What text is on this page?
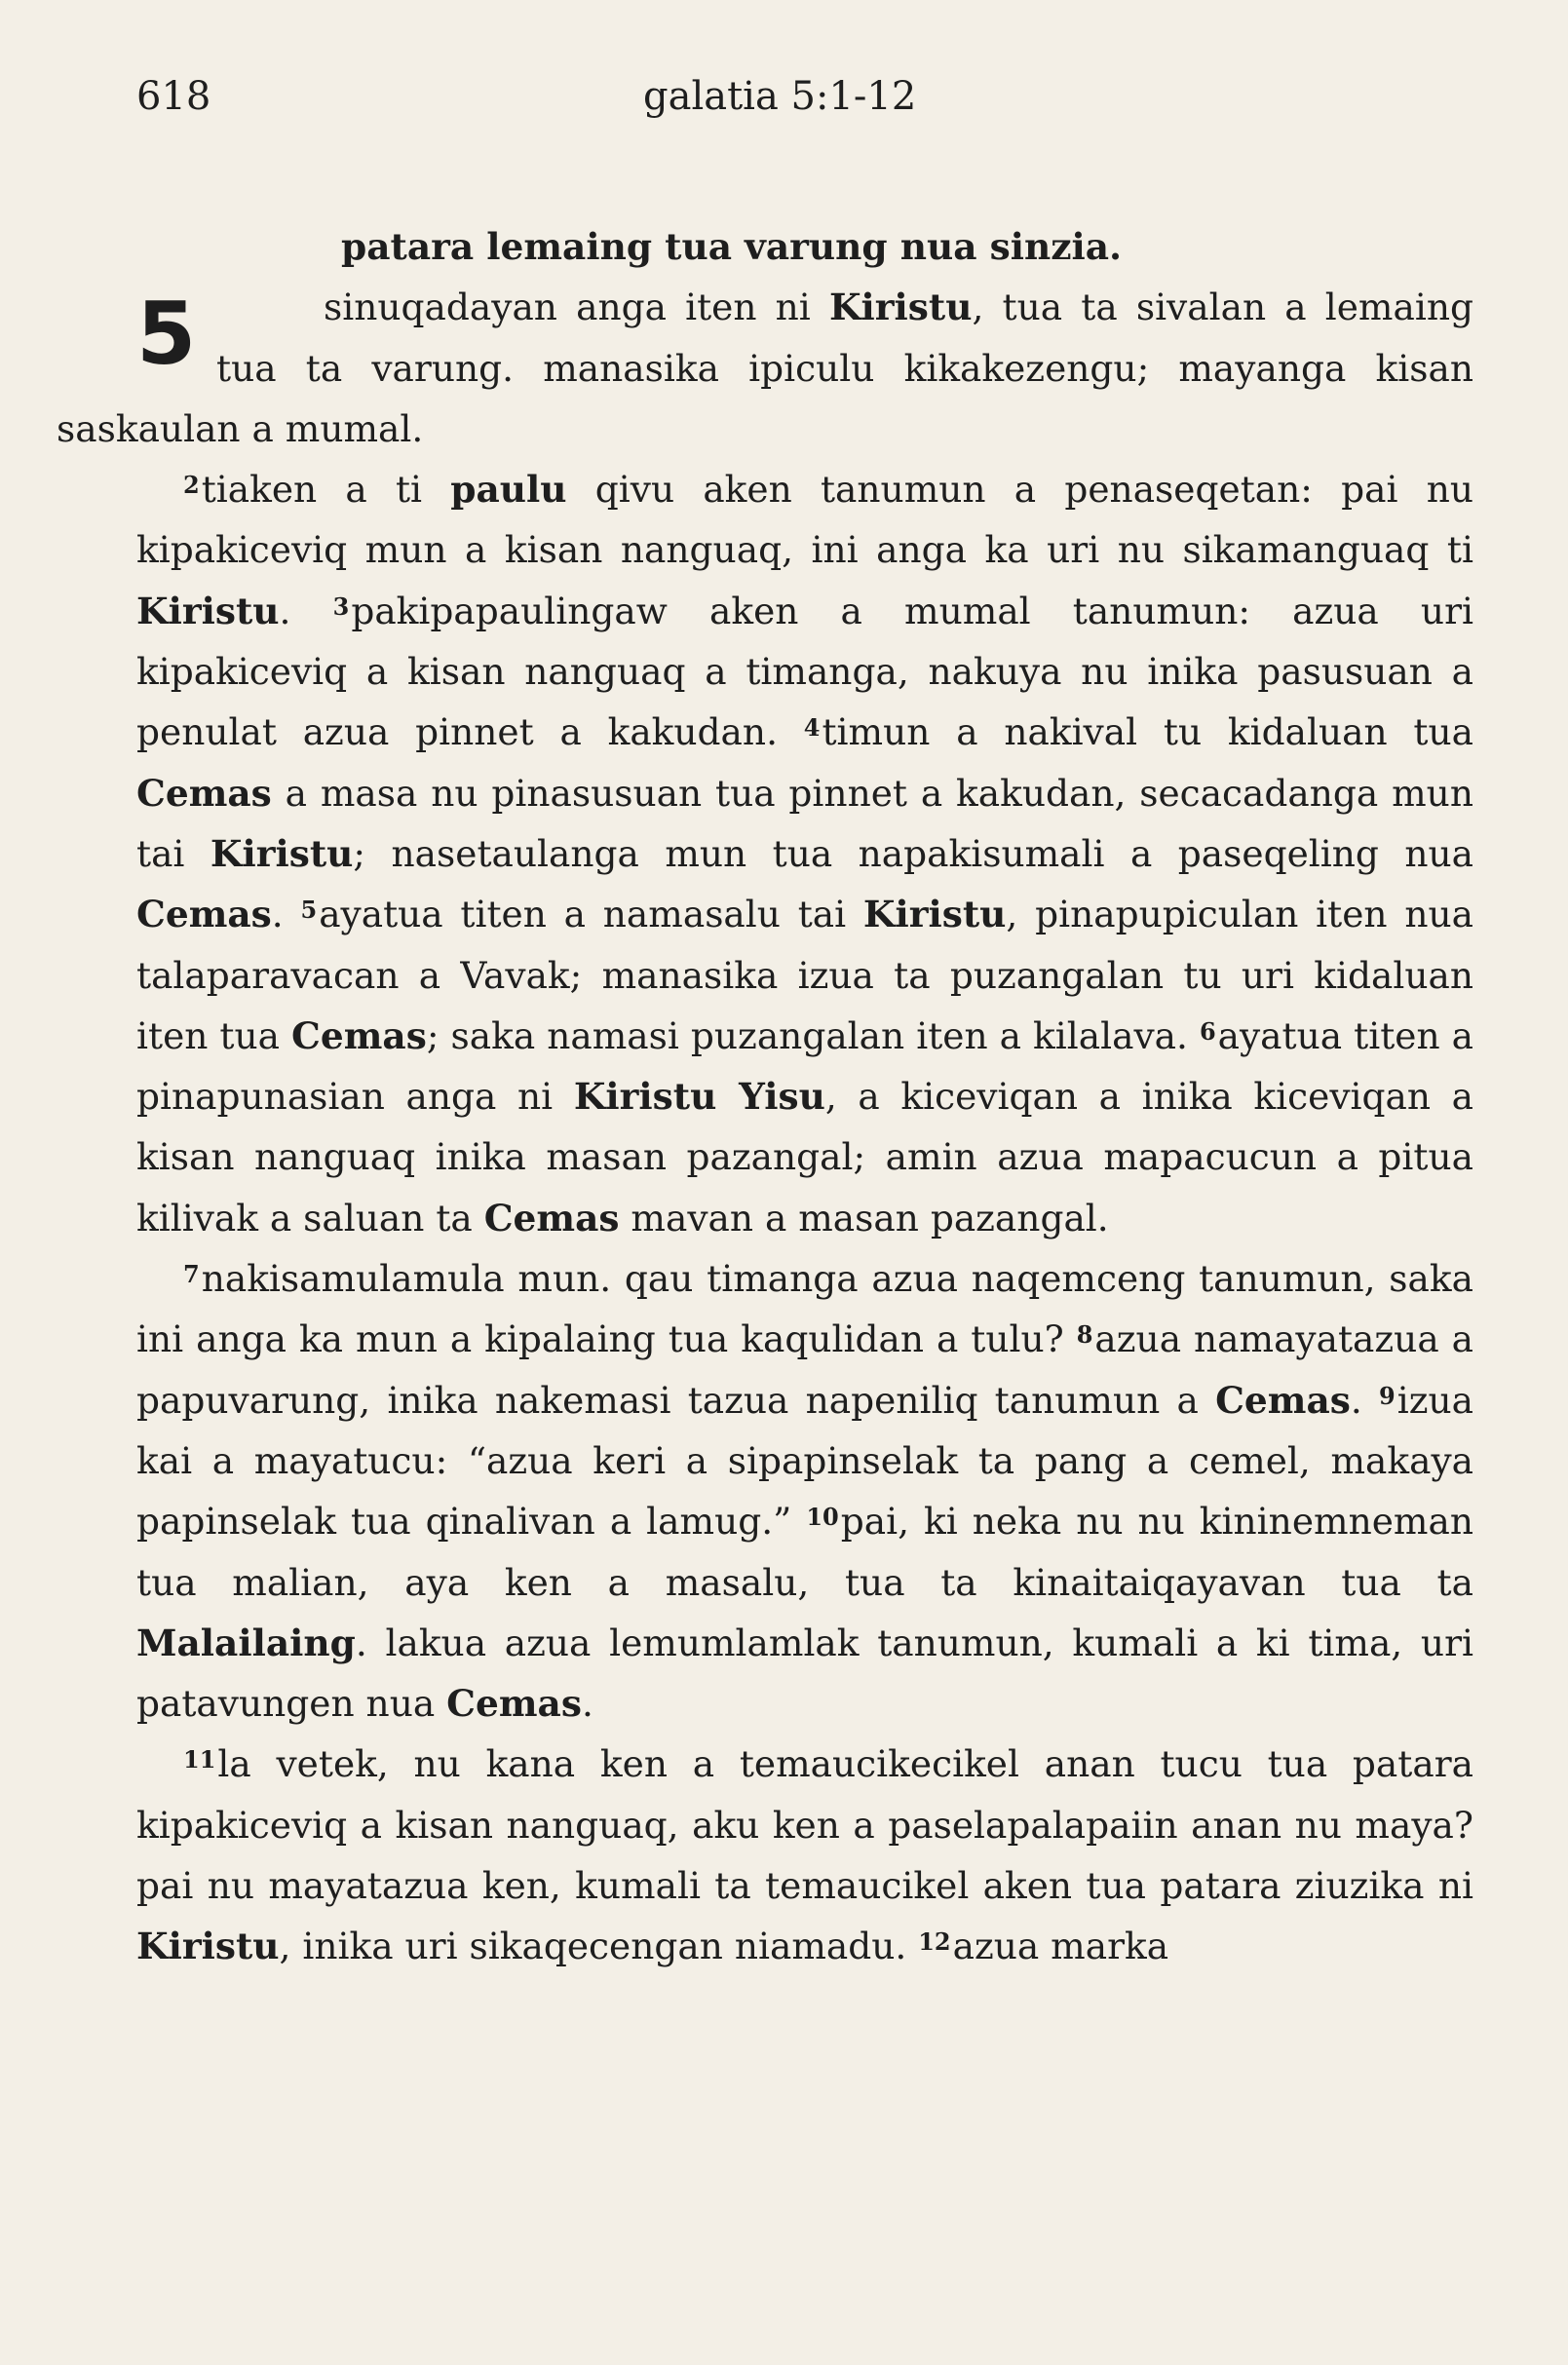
618	galatia 5:1-12

patara lemaing tua varung nua sinzia.

5	sinuqadayan anga iten ni Kiristu, tua ta sivalan a lemaing tua ta varung. manasika ipiculu kikakezengu; mayanga kisan saskaulan a mumal.

$^2$tiaken a ti paulu qivu aken tanumun a penaseqetan: pai nu kipakiceviq mun a kisan nanguaq, ini anga ka uri nu sikamanguaq ti Kiristu. $^3$pakipapaulingaw aken a mumal tanumun: azua uri kipakiceviq a kisan nanguaq a timanga, nakuya nu inika pasusuan a penulat azua pinnet a kakudan. $^4$timun a nakival tu kidaluan tua Cemas a masa nu pinasusuan tua pinnet a kakudan, secacadanga mun tai Kiristu; nasetaulanga mun tua napakisumali a paseqeling nua Cemas. $^5$ayatua titen a namasalu tai Kiristu, pinapupiculan iten nua talaparavacan a Vavak; manasika izua ta puzangalan tu uri kidaluan iten tua Cemas; saka namasi puzangalan iten a kilalava. $^6$ayatua titen a pinapunasian anga ni Kiristu Yisu, a kiceviqan a inika kiceviqan a kisan nanguaq inika masan pazangal; amin azua mapacucun a pitua kilivak a saluan ta Cemas mavan a masan pazangal.

$^7$nakisamulamula mun. qau timanga azua naqemceng tanumun, saka ini anga ka mun a kipalaing tua kaqulidan a tulu? $^8$azua namayatazua a papuvarung, inika nakemasi tazua napeniliq tanumun a Cemas. $^9$izua kai a mayatucu: “azua keri a sipapinselak ta pang a cemel, makaya papinselak tua qinalivan a lamug.” $^{10}$pai, ki neka nu nu kininemneman tua malian, aya ken a masalu, tua ta kinaitaiqayavan tua ta Malailaing. lakua azua lemumlamlak tanumun, kumali a ki tima, uri patavungen nua Cemas.

$^{11}$la vetek, nu kana ken a temaucikecikel anan tucu tua patara kipakiceviq a kisan nanguaq, aku ken a paselapalapaiin anan nu maya? pai nu mayatazua ken, kumali ta temaucikel aken tua patara ziuzika ni Kiristu, inika uri sikaqecengan niamadu. $^{12}$azua marka
